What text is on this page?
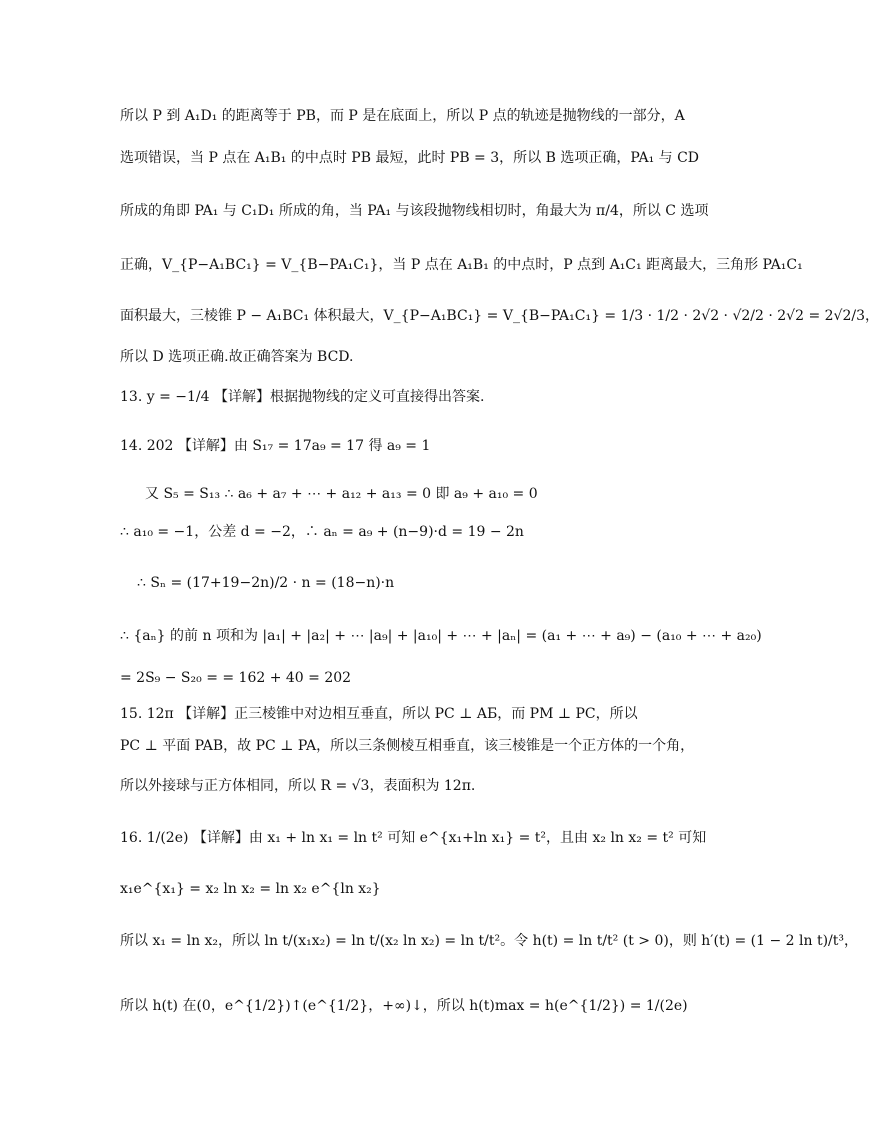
所以 P 到 A₁D₁ 的距离等于 PB，而 P 是在底面上，所以 P 点的轨迹是抛物线的一部分，A
选项错误，当 P 点在 A₁B₁ 的中点时 PB 最短，此时 PB = 3，所以 B 选项正确，PA₁ 与 CD
所成的角即 PA₁ 与 C₁D₁ 所成的角，当 PA₁ 与该段抛物线相切时，角最大为 π/4，所以 C 选项
正确，V_{P−A₁BC₁} = V_{B−PA₁C₁}，当 P 点在 A₁B₁ 的中点时，P 点到 A₁C₁ 距离最大，三角形 PA₁C₁
面积最大，三棱锥 P − A₁BC₁ 体积最大，V_{P−A₁BC₁} = V_{B−PA₁C₁} = 1/3 · 1/2 · 2√2 · √2/2 · 2√2 = 2√2/3，
所以 D 选项正确.故正确答案为 BCD.
13. y = −1/4 【详解】根据抛物线的定义可直接得出答案.
14. 202 【详解】由 S₁₇ = 17a₉ = 17 得 a₉ = 1
又 S₅ = S₁₃ ∴ a₆ + a₇ + ⋯ + a₁₂ + a₁₃ = 0 即 a₉ + a₁₀ = 0
∴ a₁₀ = −1，公差 d = −2，∴ aₙ = a₉ + (n−9)·d = 19 − 2n
∴ Sₙ = (17+19−2n)/2 · n = (18−n)·n
∴ {aₙ} 的前 n 项和为 |a₁| + |a₂| + ⋯ |a₉| + |a₁₀| + ⋯ + |aₙ| = (a₁ + ⋯ + a₉) − (a₁₀ + ⋯ + a₂₀)
= 2S₉ − S₂₀ = = 162 + 40 = 202
15. 12π 【详解】正三棱锥中对边相互垂直，所以 PC ⊥ AБ，而 PM ⊥ PC，所以
PC ⊥ 平面 PAB，故 PC ⊥ PA，所以三条侧棱互相垂直，该三棱锥是一个正方体的一个角，
所以外接球与正方体相同，所以 R = √3，表面积为 12π.
16. 1/(2e) 【详解】由 x₁ + ln x₁ = ln t² 可知 e^{x₁+ln x₁} = t²，且由 x₂ ln x₂ = t² 可知
x₁e^{x₁} = x₂ ln x₂ = ln x₂ e^{ln x₂}
所以 x₁ = ln x₂，所以 ln t/(x₁x₂) = ln t/(x₂ ln x₂) = ln t/t²。令 h(t) = ln t/t² (t > 0)，则 h′(t) = (1 − 2 ln t)/t³，
所以 h(t) 在(0，e^{1/2})↑(e^{1/2}，+∞)↓，所以 h(t)max = h(e^{1/2}) = 1/(2e)
